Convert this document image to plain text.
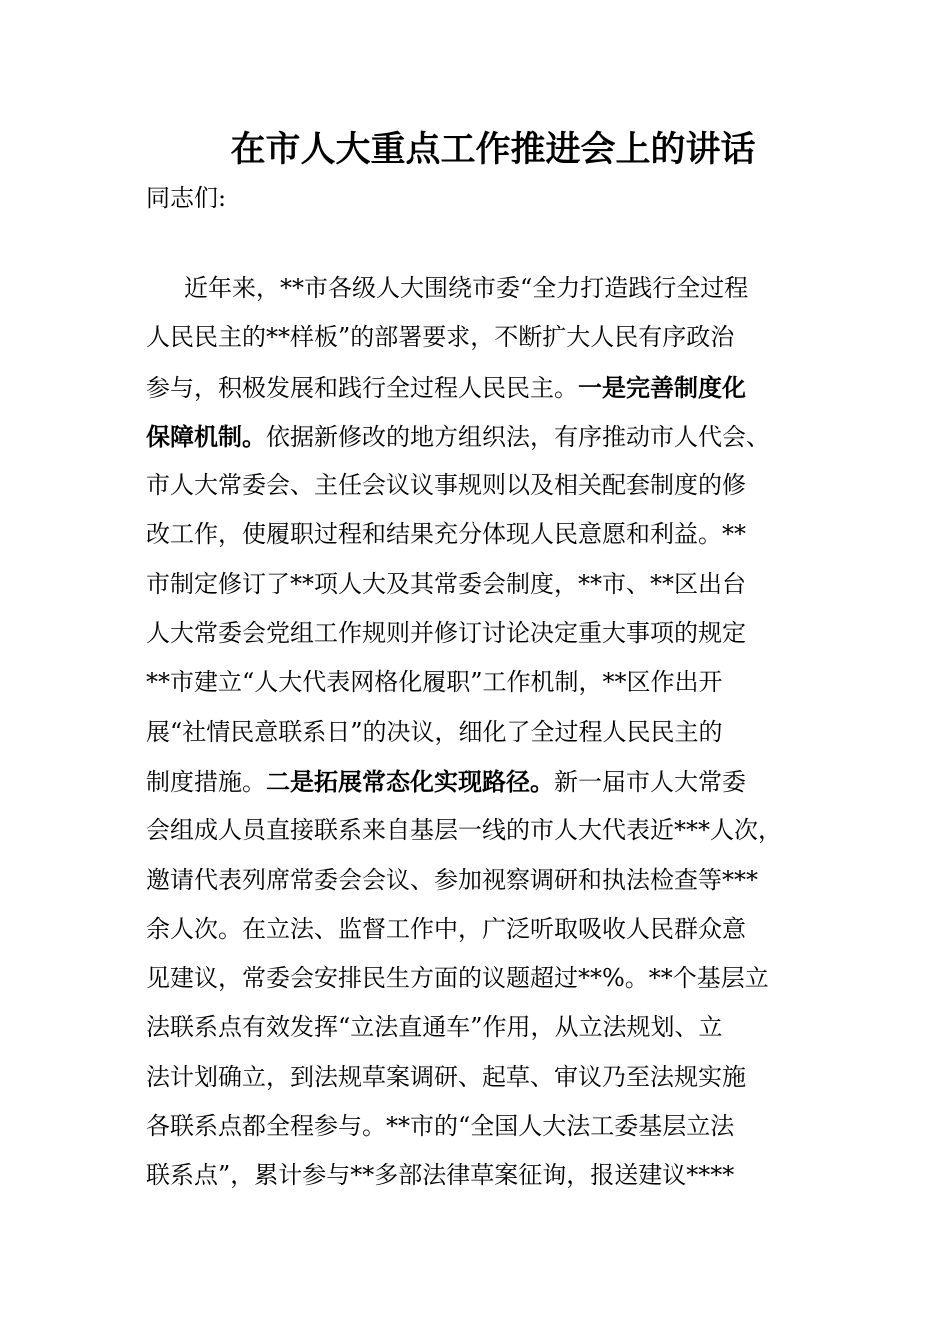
在市人大重点工作推进会上的讲话
同志们:
近年来，**市各级人大围绕市委“全力打造践行全过程
人民民主的**样板”的部署要求，不断扩大人民有序政治
参与，积极发展和践行全过程人民民主。一是完善制度化
保障机制。依据新修改的地方组织法，有序推动市人代会、
市人大常委会、主任会议议事规则以及相关配套制度的修
改工作，使履职过程和结果充分体现人民意愿和利益。**
市制定修订了**项人大及其常委会制度，**市、**区出台
人大常委会党组工作规则并修订讨论决定重大事项的规定
**市建立“人大代表网格化履职”工作机制，**区作出开
展“社情民意联系日”的决议，细化了全过程人民民主的
制度措施。二是拓展常态化实现路径。新一届市人大常委
会组成人员直接联系来自基层一线的市人大代表近***人次，
邀请代表列席常委会会议、参加视察调研和执法检查等***
余人次。在立法、监督工作中，广泛听取吸收人民群众意
见建议，常委会安排民生方面的议题超过**%。**个基层立
法联系点有效发挥“立法直通车”作用，从立法规划、立
法计划确立，到法规草案调研、起草、审议乃至法规实施
各联系点都全程参与。**市的“全国人大法工委基层立法
联系点”，累计参与**多部法律草案征询，报送建议****
